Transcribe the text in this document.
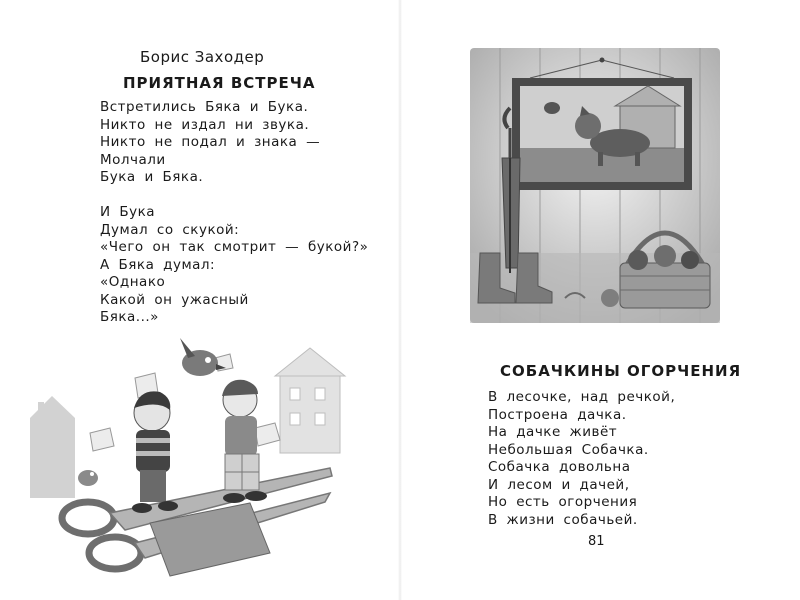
Борис Заходер
ПРИЯТНАЯ ВСТРЕЧА
Встретились Бяка и Бука.
Никто не издал ни звука.
Никто не подал и знака —
Молчали
Бука и Бяка.
И Бука
Думал со скукой:
«Чего он так смотрит — букой?»
А Бяка думал:
«Однако
Какой он ужасный
Бяка...»
СОБАЧКИНЫ ОГОРЧЕНИЯ
В лесочке, над речкой,
Построена дачка.
На дачке живёт
Небольшая Собачка.
Собачка довольна
И лесом и дачей,
Но есть огорчения
В жизни собачьей.
81
